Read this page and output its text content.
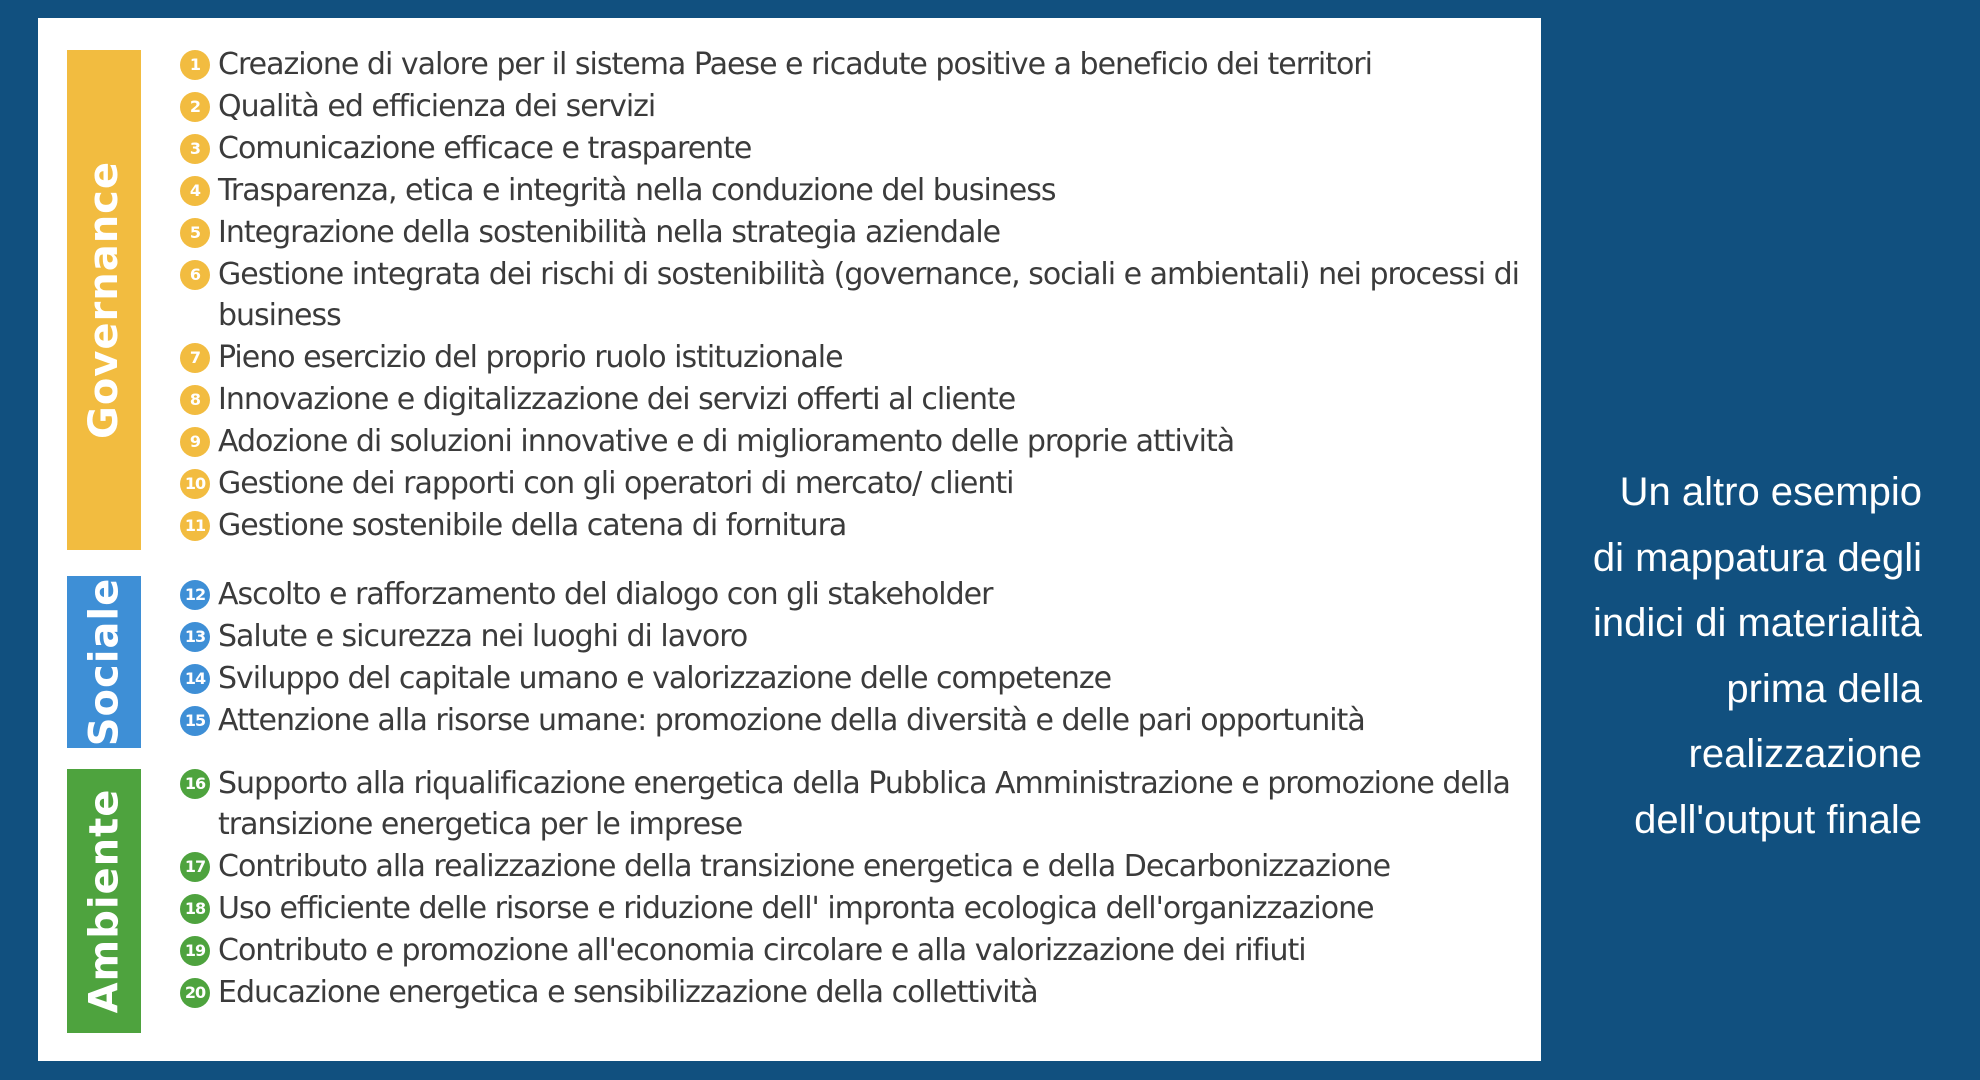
Governance
1 Creazione di valore per il sistema Paese e ricadute positive a beneficio dei territori
2 Qualità ed efficienza dei servizi
3 Comunicazione efficace e trasparente
4 Trasparenza, etica e integrità nella conduzione del business
5 Integrazione della sostenibilità nella strategia aziendale
6 Gestione integrata dei rischi di sostenibilità (governance, sociali e ambientali) nei processi di business
7 Pieno esercizio del proprio ruolo istituzionale
8 Innovazione e digitalizzazione dei servizi offerti al cliente
9 Adozione di soluzioni innovative e di miglioramento delle proprie attività
10 Gestione dei rapporti con gli operatori di mercato/ clienti
11 Gestione sostenibile della catena di fornitura
Sociale	12 Ascolto e rafforzamento del dialogo con gli stakeholder
13 Salute e sicurezza nei luoghi di lavoro
14 Sviluppo del capitale umano e valorizzazione delle competenze
15 Attenzione alla risorse umane: promozione della diversità e delle pari opportunità
Ambiente
16 Supporto alla riqualificazione energetica della Pubblica Amministrazione e promozione della transizione energetica per le imprese
17 Contributo alla realizzazione della transizione energetica e della Decarbonizzazione
18 Uso efficiente delle risorse e riduzione dell' impronta ecologica dell'organizzazione
19 Contributo e promozione all'economia circolare e alla valorizzazione dei rifiuti
20 Educazione energetica e sensibilizzazione della collettività
Un altro esempio di mappatura degli indici di materialità prima della realizzazione dell'output finale
